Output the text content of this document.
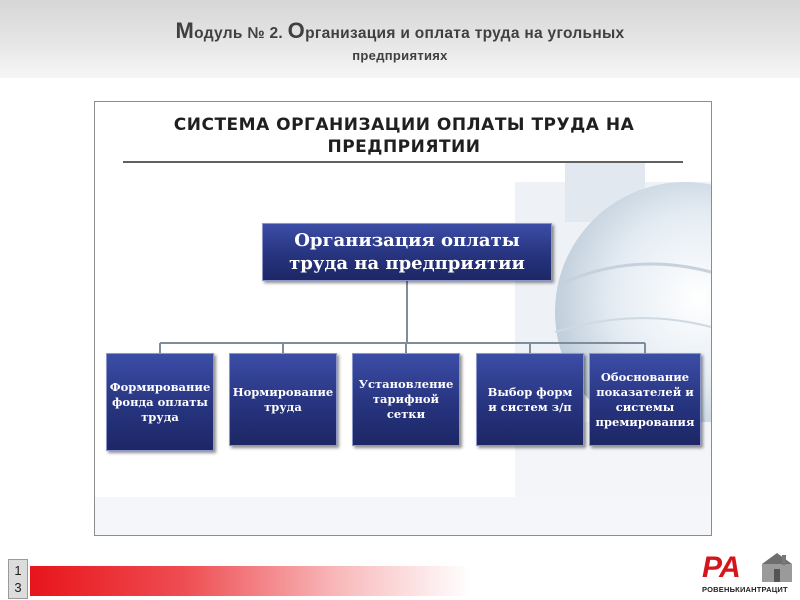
Модуль № 2. Организация и оплата труда на угольных
предприятиях
СИСТЕМА ОРГАНИЗАЦИИ ОПЛАТЫ ТРУДА НА
ПРЕДПРИЯТИИ
Организация оплаты
труда на предприятии
Формирование
фонда оплаты
труда
Нормирование
труда
Установление
тарифной
сетки
Выбор форм
и систем з/п
Обоснование
показателей и
системы
премирования
1
3
РА
РОВЕНЬКИАНТРАЦИТ
